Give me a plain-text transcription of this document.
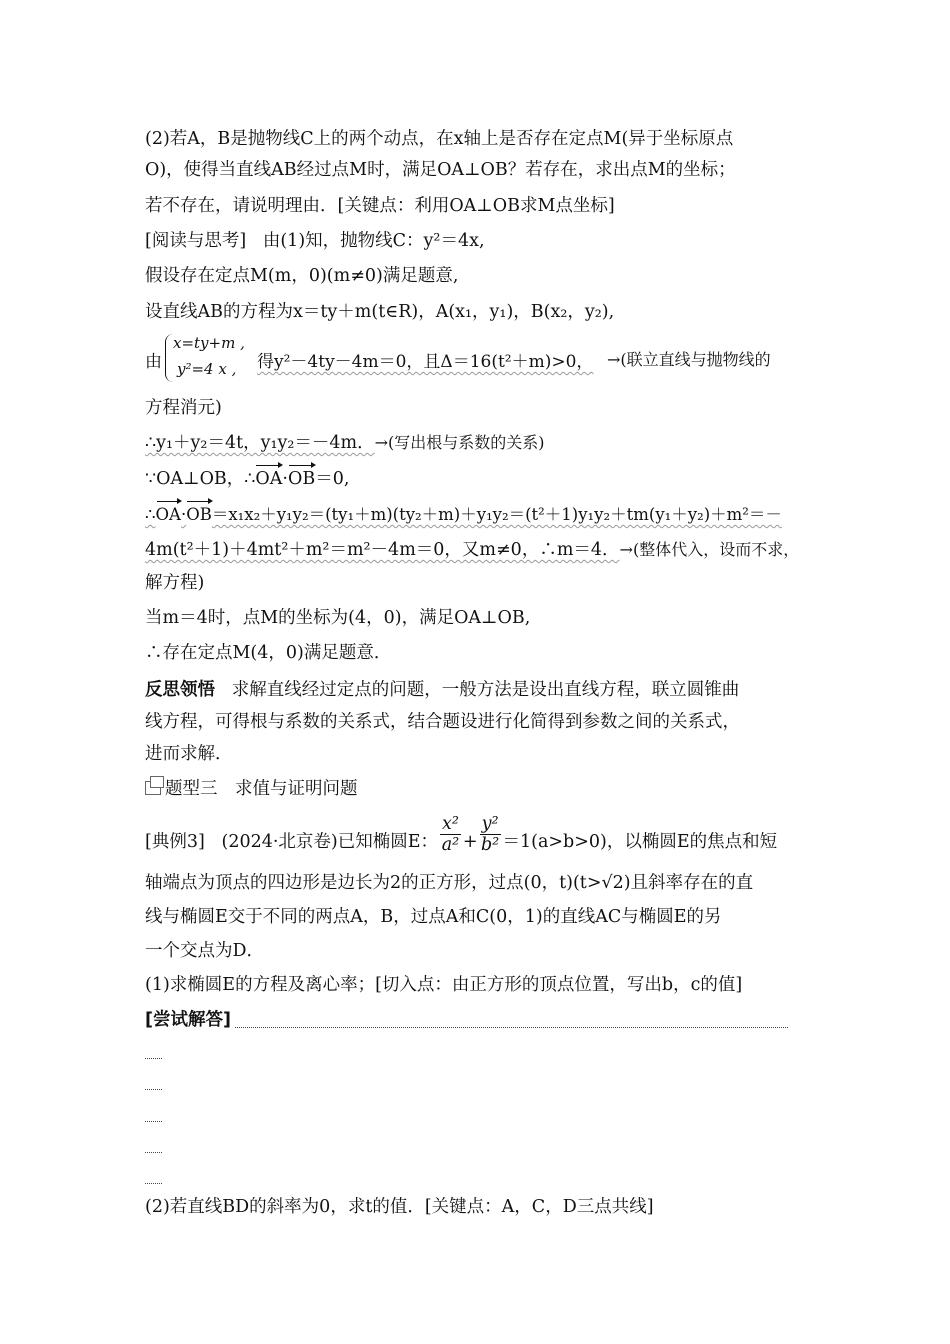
(2)若A，B是抛物线C上的两个动点，在x轴上是否存在定点M(异于坐标原点
O)，使得当直线AB经过点M时，满足OA⊥OB？若存在，求出点M的坐标；
若不存在，请说明理由．[关键点：利用OA⊥OB求M点坐标]
[阅读与思考] 由(1)知，抛物线C：y²＝4x,
假设存在定点M(m，0)(m≠0)满足题意,
设直线AB的方程为x＝ty＋m(t∈R)，A(x₁，y₁)，B(x₂，y₂),
由
x=ty+m ,
y²=4 x , 得y²－4ty－4m＝0，且Δ＝16(t²＋m)>0， →(联立直线与抛物线的
方程消元)
∴y₁＋y₂＝4t，y₁y₂＝－4m．→(写出根与系数的关系)
∵OA⊥OB，∴OA·OB＝0,
∴OA·OB＝x₁x₂＋y₁y₂＝(ty₁＋m)(ty₂＋m)＋y₁y₂＝(t²＋1)y₁y₂＋tm(y₁＋y₂)＋m²＝－
4m(t²＋1)＋4mt²＋m²＝m²－4m＝0，又m≠0，∴m＝4．→(整体代入，设而不求，
解方程)
当m＝4时，点M的坐标为(4，0)，满足OA⊥OB,
∴存在定点M(4，0)满足题意．
反思领悟 求解直线经过定点的问题，一般方法是设出直线方程，联立圆锥曲
线方程，可得根与系数的关系式，结合题设进行化简得到参数之间的关系式，
进而求解．
题型三　求值与证明问题
[典例3] (2024·北京卷)已知椭圆E： $\frac{\text{x²}}{\text{a²}} + \frac{\text{y²}}{\text{b²}} =1(a>b>0)$，以椭圆E的焦点和短
轴端点为顶点的四边形是边长为2的正方形，过点(0，t)(t>√2)且斜率存在的直
线与椭圆E交于不同的两点A，B，过点A和C(0，1)的直线AC与椭圆E的另
一个交点为D．
(1)求椭圆E的方程及离心率；[切入点：由正方形的顶点位置，写出b，c的值]
[尝试解答]
(2)若直线BD的斜率为0，求t的值．[关键点：A，C，D三点共线]
